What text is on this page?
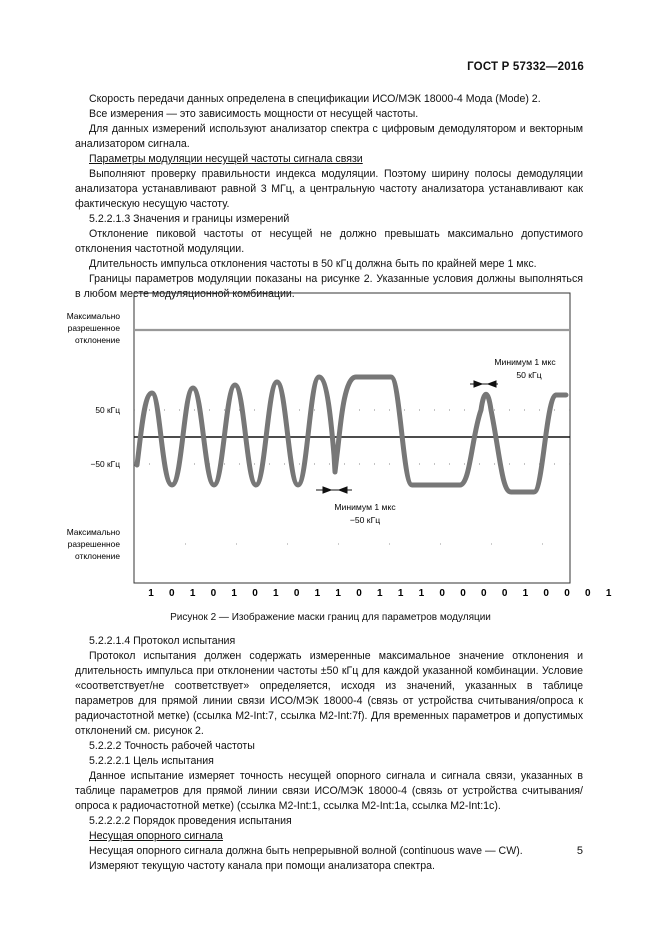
ГОСТ Р 57332—2016
Скорость передачи данных определена в спецификации ИСО/МЭК 18000-4 Мода (Mode) 2.
Все измерения — это зависимость мощности от несущей частоты.
Для данных измерений используют анализатор спектра с цифровым демодулятором и векторным анализатором сигнала.
Параметры модуляции несущей частоты сигнала связи
Выполняют проверку правильности индекса модуляции. Поэтому ширину полосы демодуляции анализатора устанавливают равной 3 МГц, а центральную частоту анализатора устанавливают как фактическую несущую частоту.
5.2.2.1.3 Значения и границы измерений
Отклонение пиковой частоты от несущей не должно превышать максимально допустимого отклонения частотной модуляции.
Длительность импульса отклонения частоты в 50 кГц должна быть по крайней мере 1 мкс.
Границы параметров модуляции показаны на рисунке 2. Указанные условия должны выполняться в любом месте модуляционной комбинации.
Максимально
разрешенное
отклонение
50 кГц
−50 кГц
Максимально
разрешенное
отклонение
Минимум 1 мкс
50 кГц
Минимум 1 мкс
−50 кГц
1 0 1 0 1 0 1 0 1 1 0 1 1 1 0 0 0 0 1 0 0 0 1
Рисунок 2 — Изображение маски границ для параметров модуляции
5.2.2.1.4 Протокол испытания
Протокол испытания должен содержать измеренные максимальное значение отклонения и длительность импульса при отклонении частоты ±50 кГц для каждой указанной комбинации. Условие «соответствует/не соответствует» определяется, исходя из значений, указанных в таблице параметров для прямой линии связи ИСО/МЭК 18000-4 (связь от устройства считывания/опроса к радиочастотной метке) (ссылка M2-Int:7, ссылка M2-Int:7f). Для временных параметров и допустимых отклонений см. рисунок 2.
5.2.2.2 Точность рабочей частоты
5.2.2.2.1 Цель испытания
Данное испытание измеряет точность несущей опорного сигнала и сигнала связи, указанных в таблице параметров для прямой линии связи ИСО/МЭК 18000-4 (связь от устройства считывания/опроса к радиочастотной метке) (ссылка M2-Int:1, ссылка M2-Int:1a, ссылка M2-Int:1c).
5.2.2.2.2 Порядок проведения испытания
Несущая опорного сигнала
Несущая опорного сигнала должна быть непрерывной волной (continuous wave — CW).
Измеряют текущую частоту канала при помощи анализатора спектра.
5
